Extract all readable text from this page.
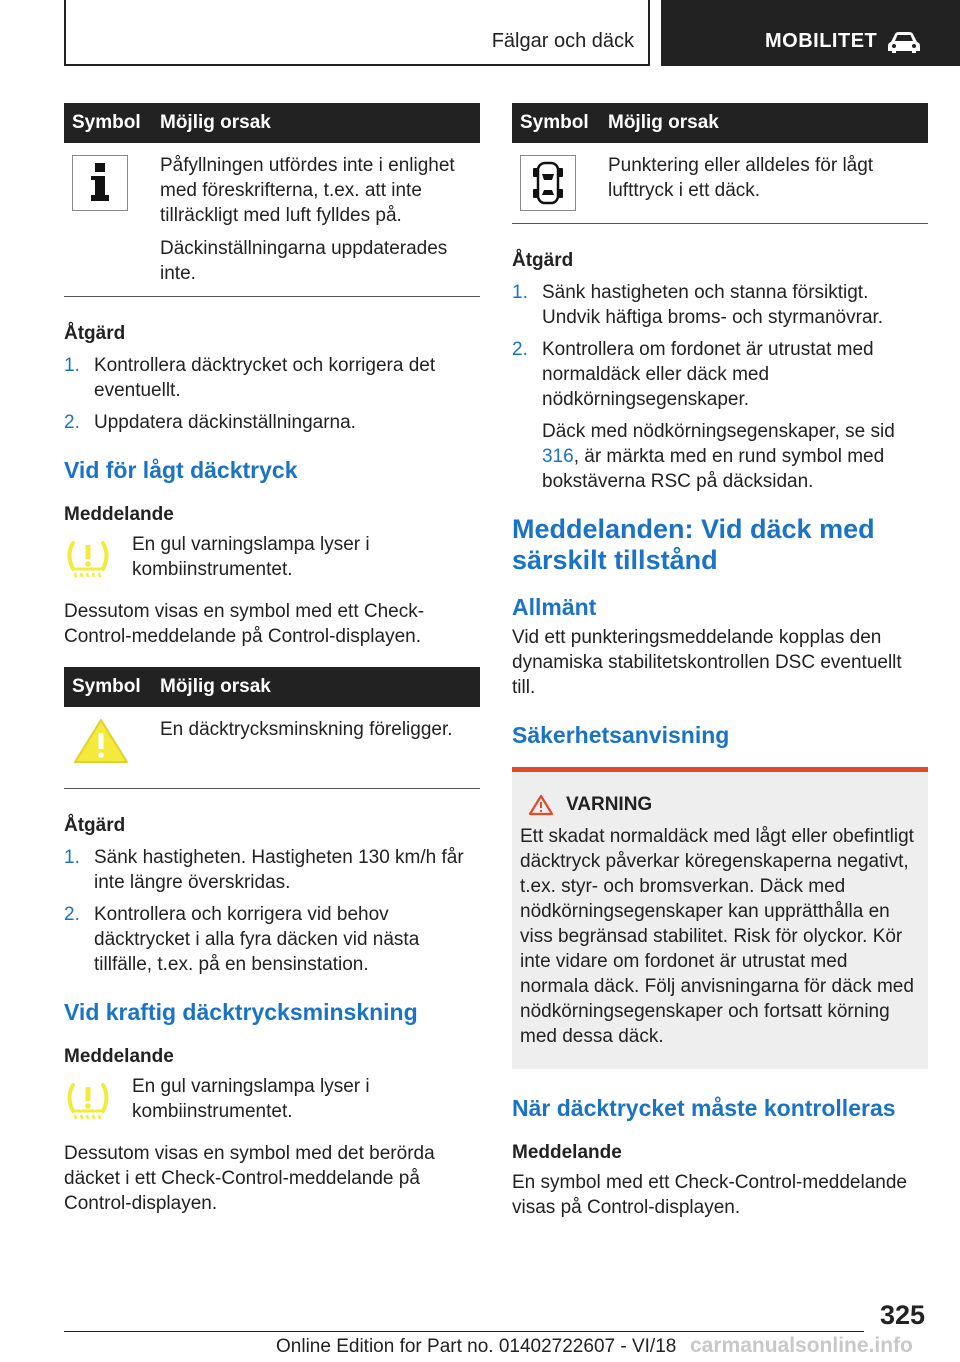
Fälgar och däck	MOBILITET
Symbol	Möjlig orsak

Påfyllningen utfördes inte i enlighet med föreskrifterna, t.ex. att inte tillräckligt med luft fylldes på.

Däckinställningarna uppdaterades inte.

Åtgärd
1. Kontrollera däcktrycket och korrigera det eventuellt.
2. Uppdatera däckinställningarna.
Vid för lågt däcktryck
Meddelande
En gul varningslampa lyser i kombiinstrumentet.
Dessutom visas en symbol med ett Check-Control-meddelande på Control-displayen.
Symbol	Möjlig orsak

En däcktrycksminskning föreligger.

Åtgärd
1. Sänk hastigheten. Hastigheten 130 km/h får inte längre överskridas.
2. Kontrollera och korrigera vid behov däcktrycket i alla fyra däcken vid nästa tillfälle, t.ex. på en bensinstation.
Vid kraftig däcktrycksminskning
Meddelande
En gul varningslampa lyser i kombiinstrumentet.
Dessutom visas en symbol med det berörda däcket i ett Check-Control-meddelande på Control-displayen.
Symbol	Möjlig orsak

Punktering eller alldeles för lågt lufttryck i ett däck.

Åtgärd
1. Sänk hastigheten och stanna försiktigt. Undvik häftiga broms- och styrmanövrar.
2. Kontrollera om fordonet är utrustat med normaldäck eller däck med nödkörningsegenskaper.

Däck med nödkörningsegenskaper, se sid 316, är märkta med en rund symbol med bokstäverna RSC på däcksidan.

Meddelanden: Vid däck med särskilt tillstånd
Allmänt
Vid ett punkteringsmeddelande kopplas den dynamiska stabilitetskontrollen DSC eventuellt till.
Säkerhetsanvisning
VARNING
Ett skadat normaldäck med lågt eller obefintligt däcktryck påverkar köregenskaperna negativt, t.ex. styr- och bromsverkan. Däck med nödkörningsegenskaper kan upprätthålla en viss begränsad stabilitet. Risk för olyckor. Kör inte vidare om fordonet är utrustat med normala däck. Följ anvisningarna för däck med nödkörningsegenskaper och fortsatt körning med dessa däck.
När däcktrycket måste kontrolleras
Meddelande
En symbol med ett Check-Control-meddelande visas på Control-displayen.
325
Online Edition for Part no. 01402722607 - VI/18 carmanualsonline.info
